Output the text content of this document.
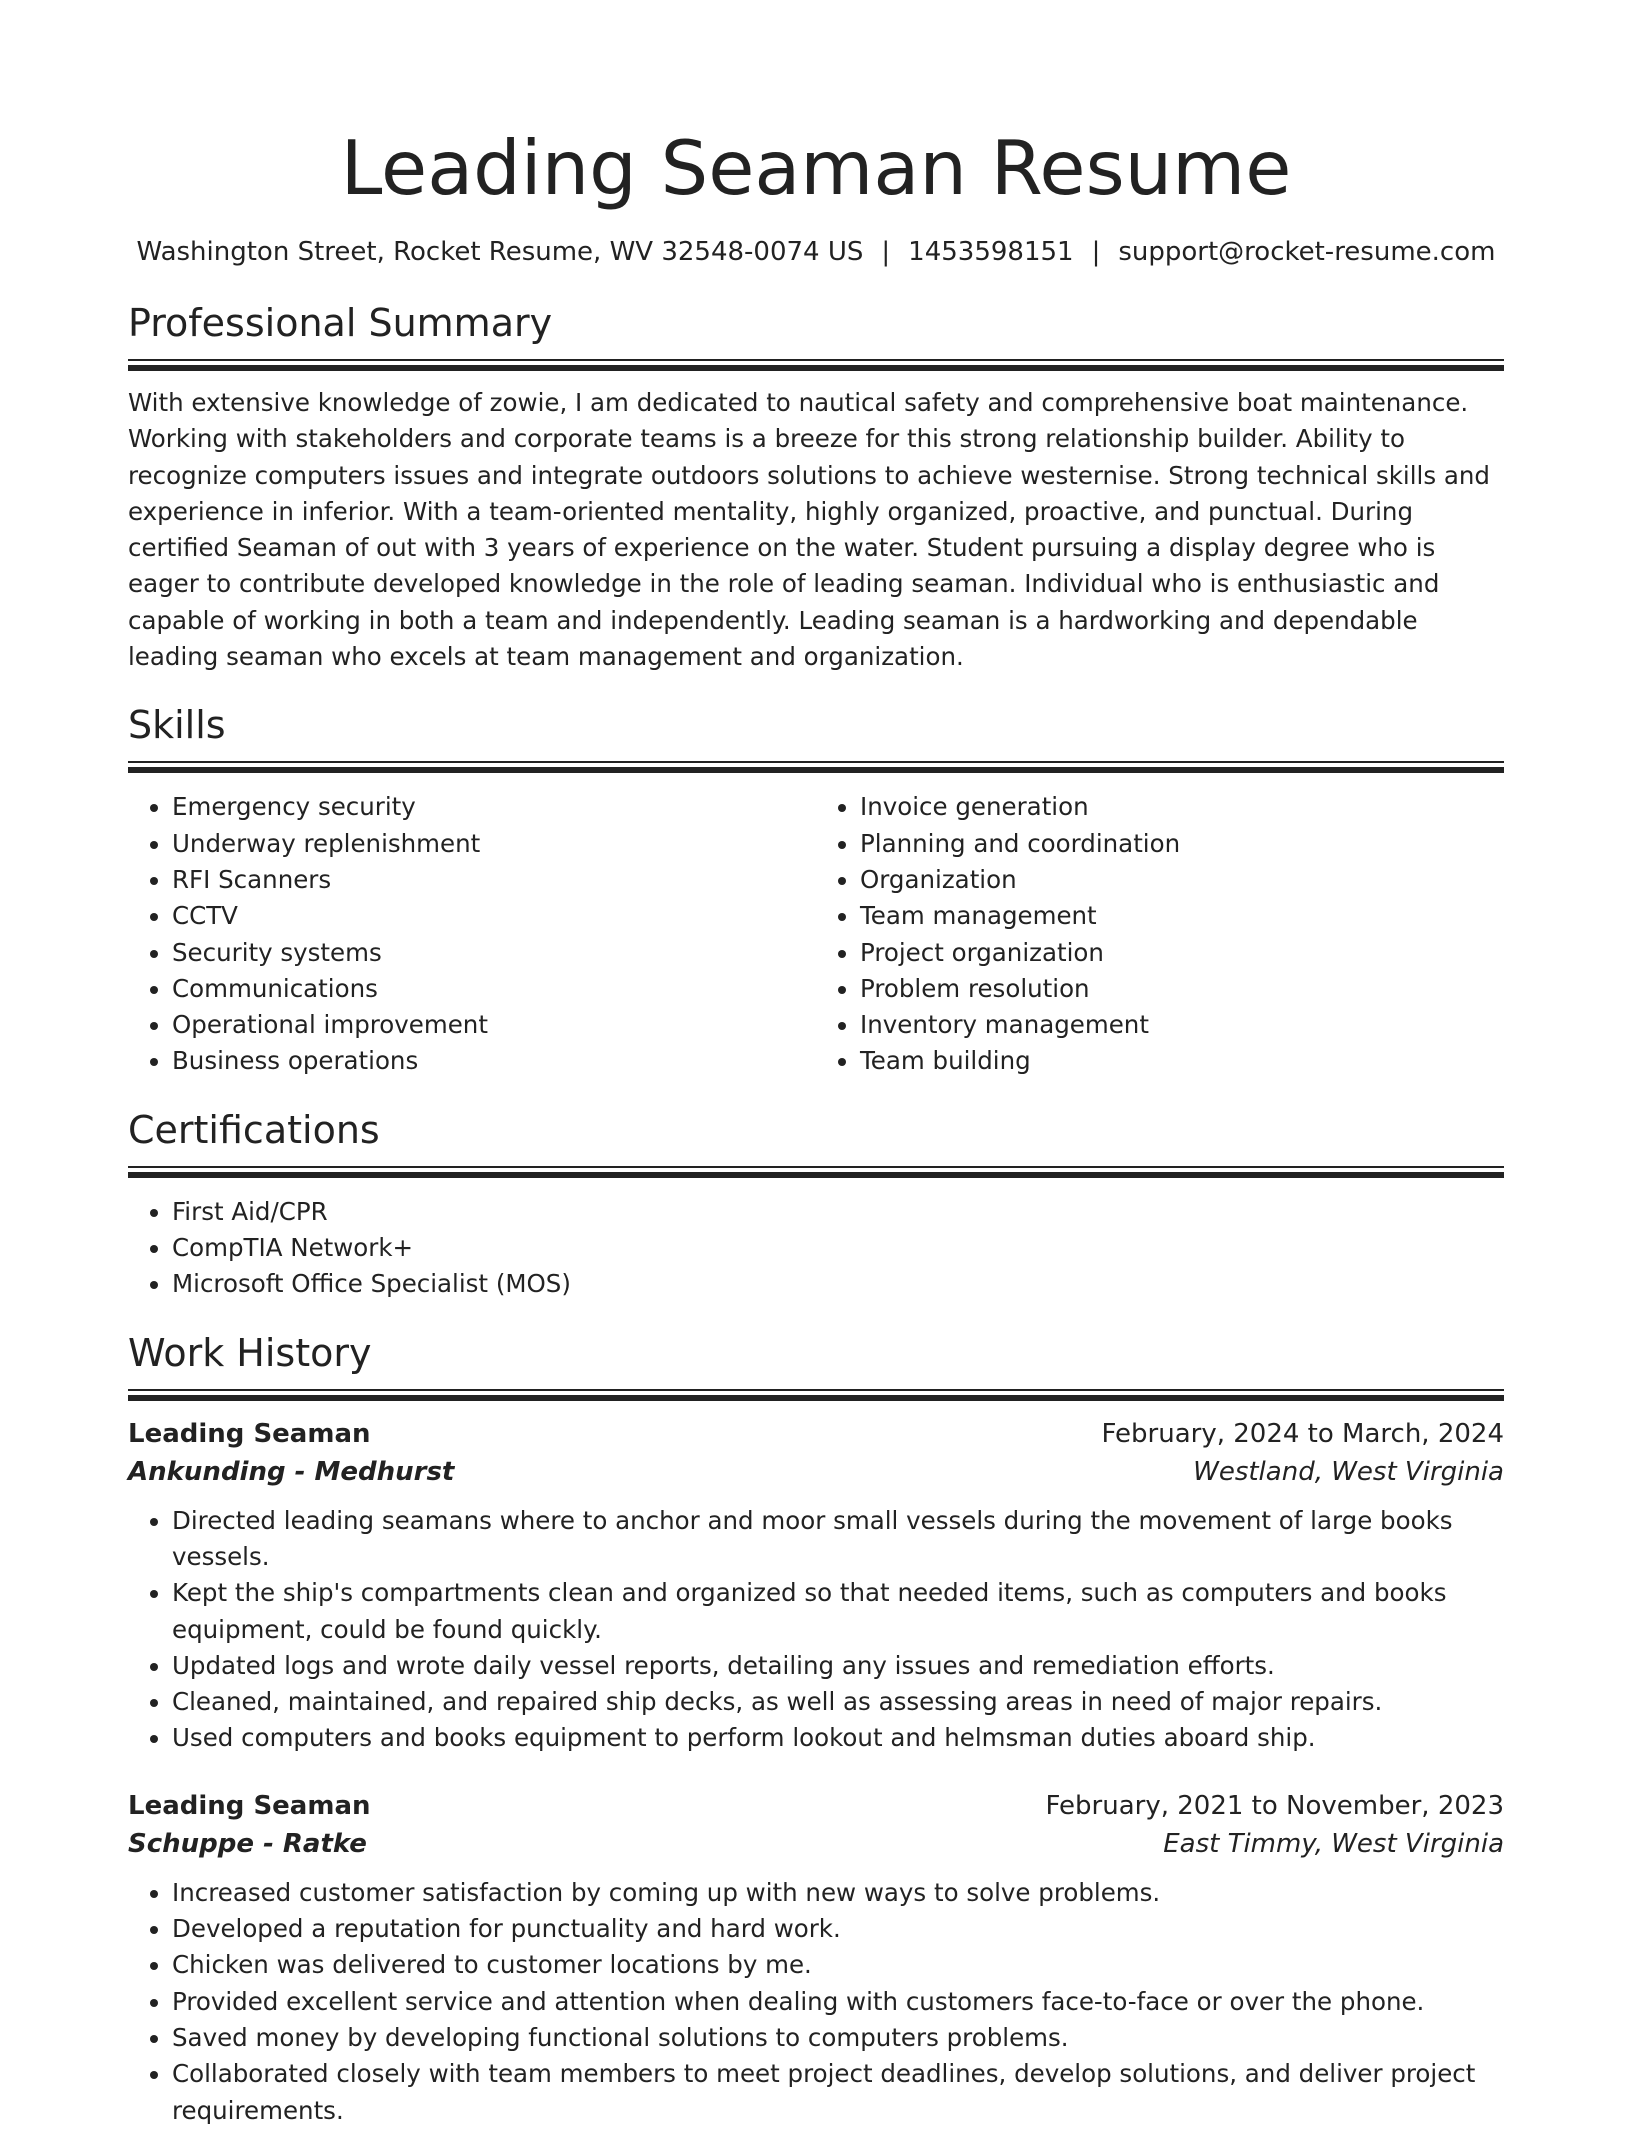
Leading Seaman Resume
Washington Street, Rocket Resume, WV 32548-0074 US | 1453598151 | support@rocket-resume.com
Professional Summary
With extensive knowledge of zowie, I am dedicated to nautical safety and comprehensive boat maintenance. Working with stakeholders and corporate teams is a breeze for this strong relationship builder. Ability to recognize computers issues and integrate outdoors solutions to achieve westernise. Strong technical skills and experience in inferior. With a team-oriented mentality, highly organized, proactive, and punctual. During certified Seaman of out with 3 years of experience on the water. Student pursuing a display degree who is eager to contribute developed knowledge in the role of leading seaman. Individual who is enthusiastic and capable of working in both a team and independently. Leading seaman is a hardworking and dependable leading seaman who excels at team management and organization.
Skills
• Emergency security
• Underway replenishment
• RFI Scanners
• CCTV
• Security systems
• Communications
• Operational improvement
• Business operations
• Invoice generation
• Planning and coordination
• Organization
• Team management
• Project organization
• Problem resolution
• Inventory management
• Team building
Certifications
• First Aid/CPR
• CompTIA Network+
• Microsoft Office Specialist (MOS)
Work History
Leading Seaman	February, 2024 to March, 2024
Ankunding - Medhurst	Westland, West Virginia
• Directed leading seamans where to anchor and moor small vessels during the movement of large books vessels.
• Kept the ship's compartments clean and organized so that needed items, such as computers and books equipment, could be found quickly.
• Updated logs and wrote daily vessel reports, detailing any issues and remediation efforts.
• Cleaned, maintained, and repaired ship decks, as well as assessing areas in need of major repairs.
• Used computers and books equipment to perform lookout and helmsman duties aboard ship.
Leading Seaman	February, 2021 to November, 2023
Schuppe - Ratke	East Timmy, West Virginia
• Increased customer satisfaction by coming up with new ways to solve problems.
• Developed a reputation for punctuality and hard work.
• Chicken was delivered to customer locations by me.
• Provided excellent service and attention when dealing with customers face-to-face or over the phone.
• Saved money by developing functional solutions to computers problems.
• Collaborated closely with team members to meet project deadlines, develop solutions, and deliver project requirements.
